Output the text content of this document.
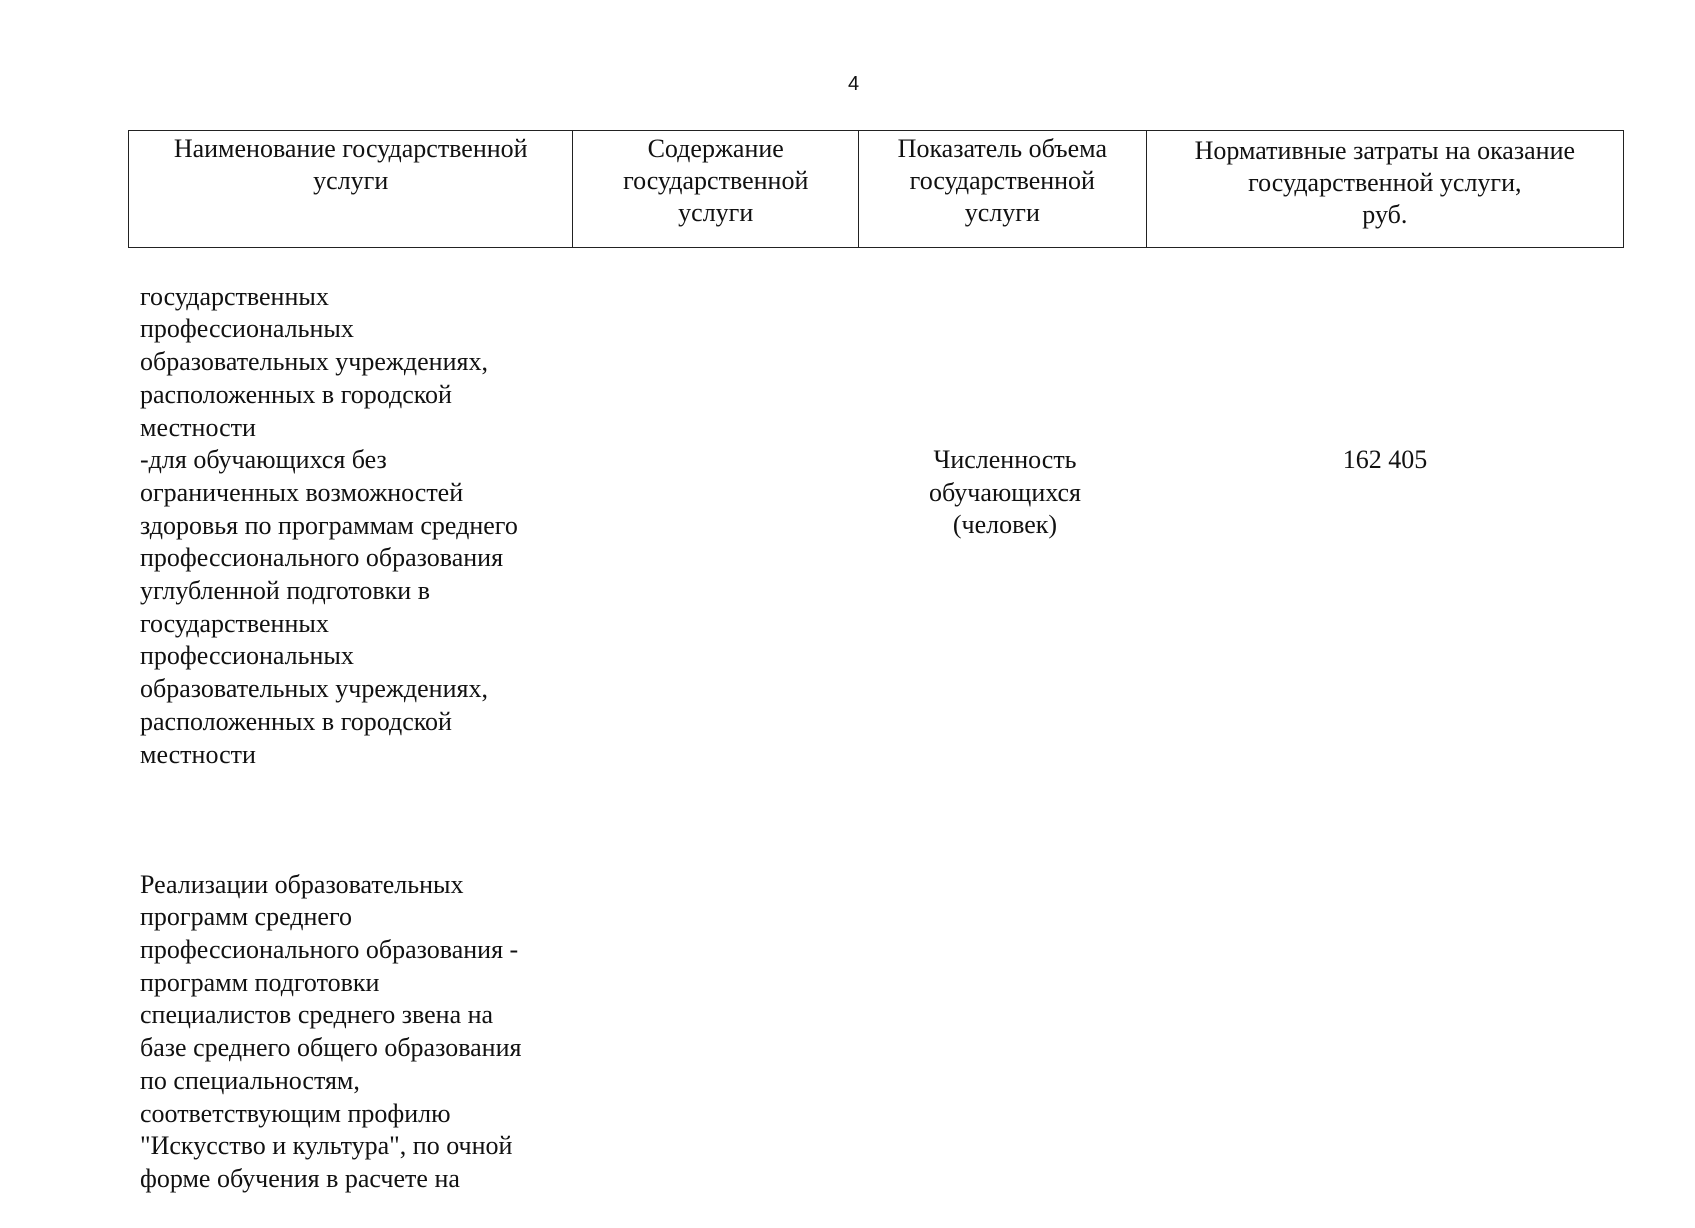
4
Наименование государственной
услуги
Содержание
государственной
услуги
Показатель объема
государственной
услуги
Нормативные затраты на оказание
государственной услуги,
руб.

государственных
профессиональных
образовательных учреждениях,
расположенных в городской
местности
-для обучающихся без
ограниченных возможностей
здоровья по программам среднего
профессионального образования
углубленной подготовки в
государственных
профессиональных
образовательных учреждениях,
расположенных в городской
местности

Реализации образовательных
программ среднего
профессионального образования -
программ подготовки
специалистов среднего звена на
базе среднего общего образования
по специальностям,
соответствующим профилю
"Искусство и культура", по очной
форме обучения в расчете на

Численность
обучающихся
(человек)
162 405
